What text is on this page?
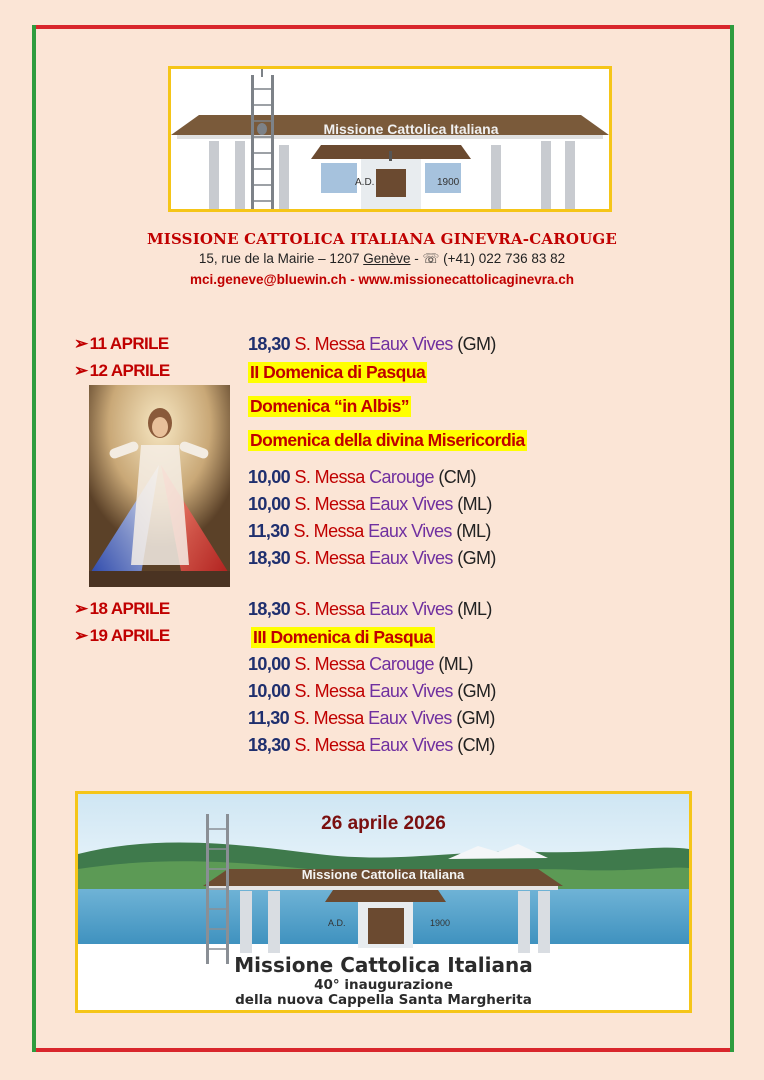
Missione Cattolica Italiana
A.D.	1900
MISSIONE CATTOLICA ITALIANA GINEVRA-CAROUGE
15, rue de la Mairie – 1207 Genève - ☏ (+41) 022 736 83 82
mci.geneve@bluewin.ch - www.missionecattolicaginevra.ch
➢ 11 APRILE	18,30 S. Messa Eaux Vives (GM)
➢ 12 APRILE	II Domenica di Pasqua
Domenica “in Albis”
Domenica della divina Misericordia
10,00 S. Messa Carouge (CM)
10,00 S. Messa Eaux Vives (ML)
11,30 S. Messa Eaux Vives (ML)
18,30 S. Messa Eaux Vives (GM)
➢ 18 APRILE	18,30 S. Messa Eaux Vives (ML)
➢ 19 APRILE	III Domenica di Pasqua
10,00 S. Messa Carouge (ML)
10,00 S. Messa Eaux Vives (GM)
11,30 S. Messa Eaux Vives (GM)
18,30 S. Messa Eaux Vives (CM)
26 aprile 2026
Missione Cattolica Italiana
A.D.	1900
Missione Cattolica Italiana
40° inaugurazione
della nuova Cappella Santa Margherita
